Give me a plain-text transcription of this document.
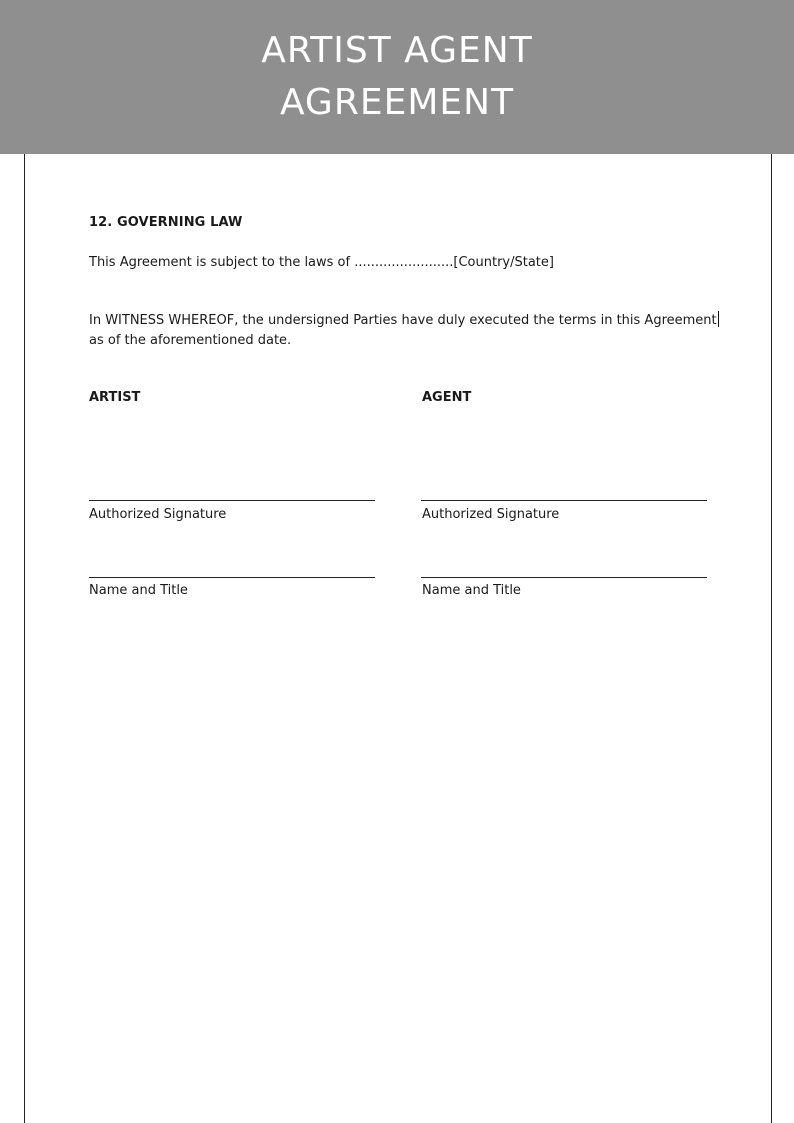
ARTIST AGENT
AGREEMENT
12. GOVERNING LAW
This Agreement is subject to the laws of ........................[Country/State]
In WITNESS WHEREOF, the undersigned Parties have duly executed the terms in this Agreement
as of the aforementioned date.
ARTIST	AGENT
Authorized Signature	Authorized Signature
Name and Title	Name and Title
